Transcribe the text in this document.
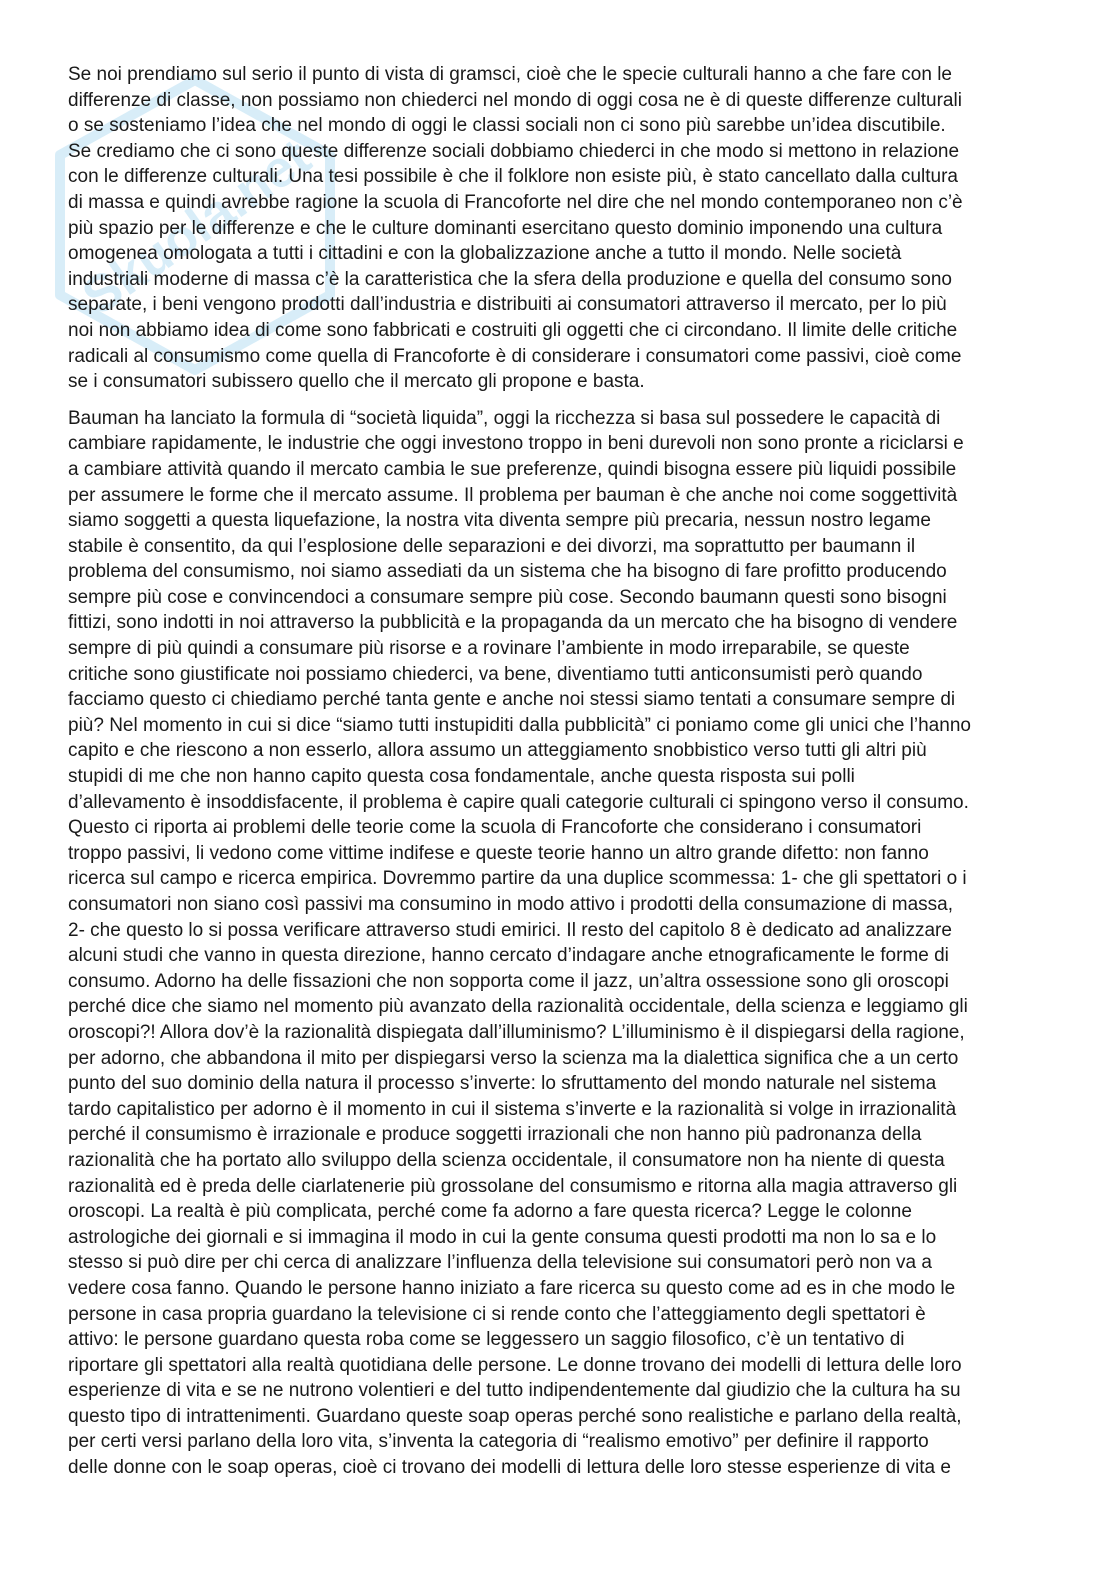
Skuola.net

Se noi prendiamo sul serio il punto di vista di gramsci, cioè che le specie culturali hanno a che fare con le
differenze di classe, non possiamo non chiederci nel mondo di oggi cosa ne è di queste differenze culturali
o se sosteniamo l’idea che nel mondo di oggi le classi sociali non ci sono più sarebbe un’idea discutibile.
Se crediamo che ci sono queste differenze sociali dobbiamo chiederci in che modo si mettono in relazione
con le differenze culturali. Una tesi possibile è che il folklore non esiste più, è stato cancellato dalla cultura
di massa e quindi avrebbe ragione la scuola di Francoforte nel dire che nel mondo contemporaneo non c’è
più spazio per le differenze e che le culture dominanti esercitano questo dominio imponendo una cultura
omogenea omologata a tutti i cittadini e con la globalizzazione anche a tutto il mondo. Nelle società
industriali moderne di massa c’è la caratteristica che la sfera della produzione e quella del consumo sono
separate, i beni vengono prodotti dall’industria e distribuiti ai consumatori attraverso il mercato, per lo più
noi non abbiamo idea di come sono fabbricati e costruiti gli oggetti che ci circondano. Il limite delle critiche
radicali al consumismo come quella di Francoforte è di considerare i consumatori come passivi, cioè come
se i consumatori subissero quello che il mercato gli propone e basta.

Bauman ha lanciato la formula di “società liquida”, oggi la ricchezza si basa sul possedere le capacità di
cambiare rapidamente, le industrie che oggi investono troppo in beni durevoli non sono pronte a riciclarsi e
a cambiare attività quando il mercato cambia le sue preferenze, quindi bisogna essere più liquidi possibile
per assumere le forme che il mercato assume. Il problema per bauman è che anche noi come soggettività
siamo soggetti a questa liquefazione, la nostra vita diventa sempre più precaria, nessun nostro legame
stabile è consentito, da qui l’esplosione delle separazioni e dei divorzi, ma soprattutto per baumann il
problema del consumismo, noi siamo assediati da un sistema che ha bisogno di fare profitto producendo
sempre più cose e convincendoci a consumare sempre più cose. Secondo baumann questi sono bisogni
fittizi, sono indotti in noi attraverso la pubblicità e la propaganda da un mercato che ha bisogno di vendere
sempre di più quindi a consumare più risorse e a rovinare l’ambiente in modo irreparabile, se queste
critiche sono giustificate noi possiamo chiederci, va bene, diventiamo tutti anticonsumisti però quando
facciamo questo ci chiediamo perché tanta gente e anche noi stessi siamo tentati a consumare sempre di
più? Nel momento in cui si dice “siamo tutti instupiditi dalla pubblicità” ci poniamo come gli unici che l’hanno
capito e che riescono a non esserlo, allora assumo un atteggiamento snobbistico verso tutti gli altri più
stupidi di me che non hanno capito questa cosa fondamentale, anche questa risposta sui polli
d’allevamento è insoddisfacente, il problema è capire quali categorie culturali ci spingono verso il consumo.
Questo ci riporta ai problemi delle teorie come la scuola di Francoforte che considerano i consumatori
troppo passivi, li vedono come vittime indifese e queste teorie hanno un altro grande difetto: non fanno
ricerca sul campo e ricerca empirica. Dovremmo partire da una duplice scommessa: 1- che gli spettatori o i
consumatori non siano così passivi ma consumino in modo attivo i prodotti della consumazione di massa,
2- che questo lo si possa verificare attraverso studi emirici. Il resto del capitolo 8 è dedicato ad analizzare
alcuni studi che vanno in questa direzione, hanno cercato d’indagare anche etnograficamente le forme di
consumo. Adorno ha delle fissazioni che non sopporta come il jazz, un’altra ossessione sono gli oroscopi
perché dice che siamo nel momento più avanzato della razionalità occidentale, della scienza e leggiamo gli
oroscopi?! Allora dov’è la razionalità dispiegata dall’illuminismo? L’illuminismo è il dispiegarsi della ragione,
per adorno, che abbandona il mito per dispiegarsi verso la scienza ma la dialettica significa che a un certo
punto del suo dominio della natura il processo s’inverte: lo sfruttamento del mondo naturale nel sistema
tardo capitalistico per adorno è il momento in cui il sistema s’inverte e la razionalità si volge in irrazionalità
perché il consumismo è irrazionale e produce soggetti irrazionali che non hanno più padronanza della
razionalità che ha portato allo sviluppo della scienza occidentale, il consumatore non ha niente di questa
razionalità ed è preda delle ciarlatenerie più grossolane del consumismo e ritorna alla magia attraverso gli
oroscopi. La realtà è più complicata, perché come fa adorno a fare questa ricerca? Legge le colonne
astrologiche dei giornali e si immagina il modo in cui la gente consuma questi prodotti ma non lo sa e lo
stesso si può dire per chi cerca di analizzare l’influenza della televisione sui consumatori però non va a
vedere cosa fanno. Quando le persone hanno iniziato a fare ricerca su questo come ad es in che modo le
persone in casa propria guardano la televisione ci si rende conto che l’atteggiamento degli spettatori è
attivo: le persone guardano questa roba come se leggessero un saggio filosofico, c’è un tentativo di
riportare gli spettatori alla realtà quotidiana delle persone. Le donne trovano dei modelli di lettura delle loro
esperienze di vita e se ne nutrono volentieri e del tutto indipendentemente dal giudizio che la cultura ha su
questo tipo di intrattenimenti. Guardano queste soap operas perché sono realistiche e parlano della realtà,
per certi versi parlano della loro vita, s’inventa la categoria di “realismo emotivo” per definire il rapporto
delle donne con le soap operas, cioè ci trovano dei modelli di lettura delle loro stesse esperienze di vita e
